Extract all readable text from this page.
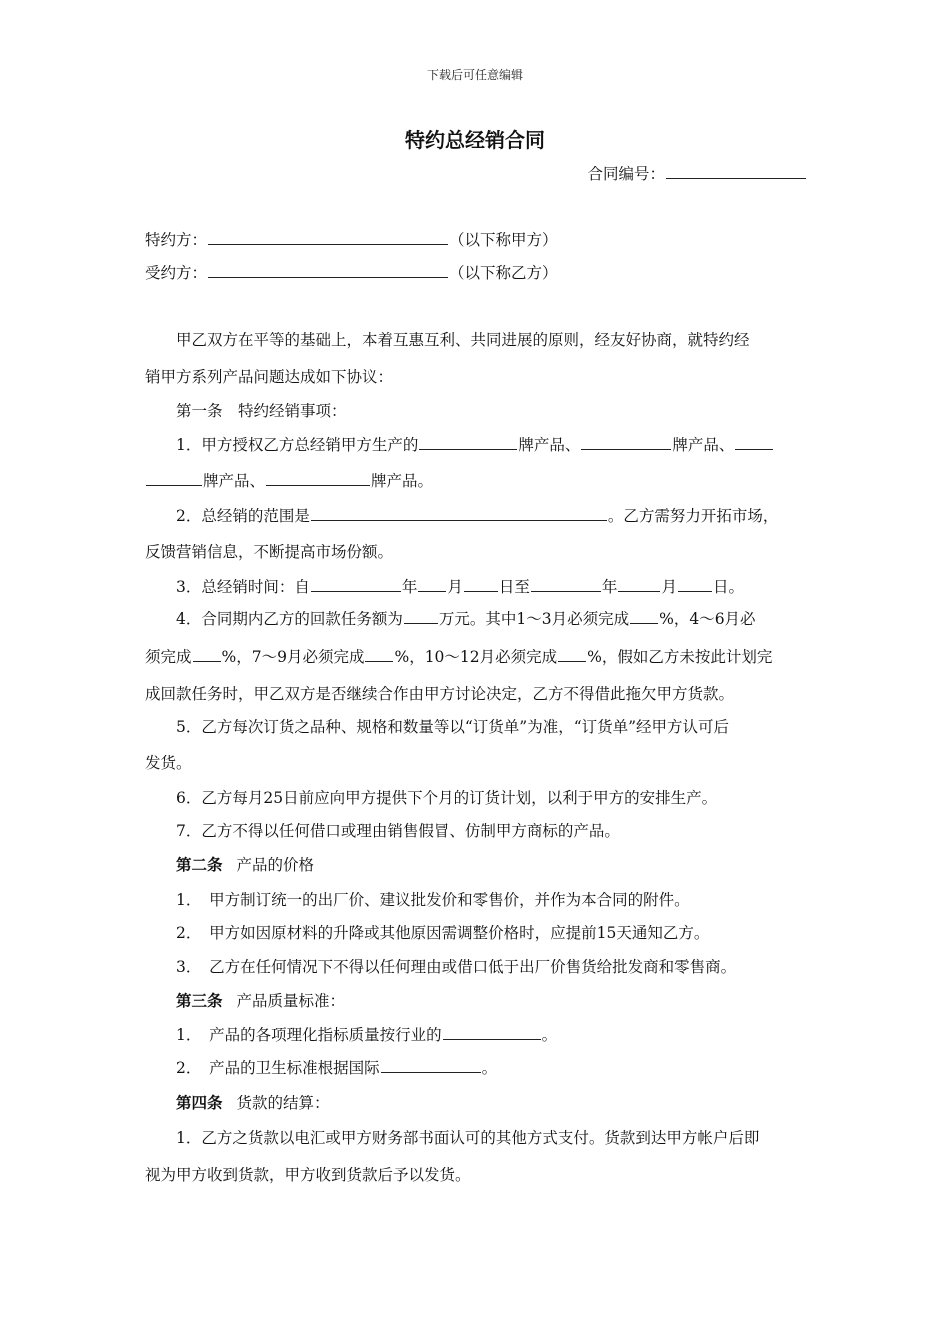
下载后可任意编辑
特约总经销合同
合同编号：
特约方：	（以下称甲方）
受约方：	（以下称乙方）
甲乙双方在平等的基础上，本着互惠互利、共同进展的原则，经友好协商，就特约经
销甲方系列产品问题达成如下协议：
第一条　特约经销事项：
1．甲方授权乙方总经销甲方生产的	牌产品、	牌产品、
牌产品、	牌产品。
2．总经销的范围是	。乙方需努力开拓市场，
反馈营销信息，不断提高市场份额。
3．总经销时间：自	年 月 日至	年	月 日。
4．合同期内乙方的回款任务额为 万元。其中1～3月必须完成 %，4～6月必
须完成 %，7～9月必须完成 %，10～12月必须完成 %，假如乙方未按此计划完
成回款任务时，甲乙双方是否继续合作由甲方讨论决定，乙方不得借此拖欠甲方货款。
5．乙方每次订货之品种、规格和数量等以“订货单”为准，“订货单”经甲方认可后
发货。
6．乙方每月25日前应向甲方提供下个月的订货计划，以利于甲方的安排生产。
7．乙方不得以任何借口或理由销售假冒、仿制甲方商标的产品。
第二条 产品的价格
1．　甲方制订统一的出厂价、建议批发价和零售价，并作为本合同的附件。
2．　甲方如因原材料的升降或其他原因需调整价格时，应提前15天通知乙方。
3．　乙方在任何情况下不得以任何理由或借口低于出厂价售货给批发商和零售商。
第三条 产品质量标准：
1．　产品的各项理化指标质量按行业的	。
2．　产品的卫生标准根据国际	。
第四条 货款的结算：
1．乙方之货款以电汇或甲方财务部书面认可的其他方式支付。货款到达甲方帐户后即
视为甲方收到货款，甲方收到货款后予以发货。
